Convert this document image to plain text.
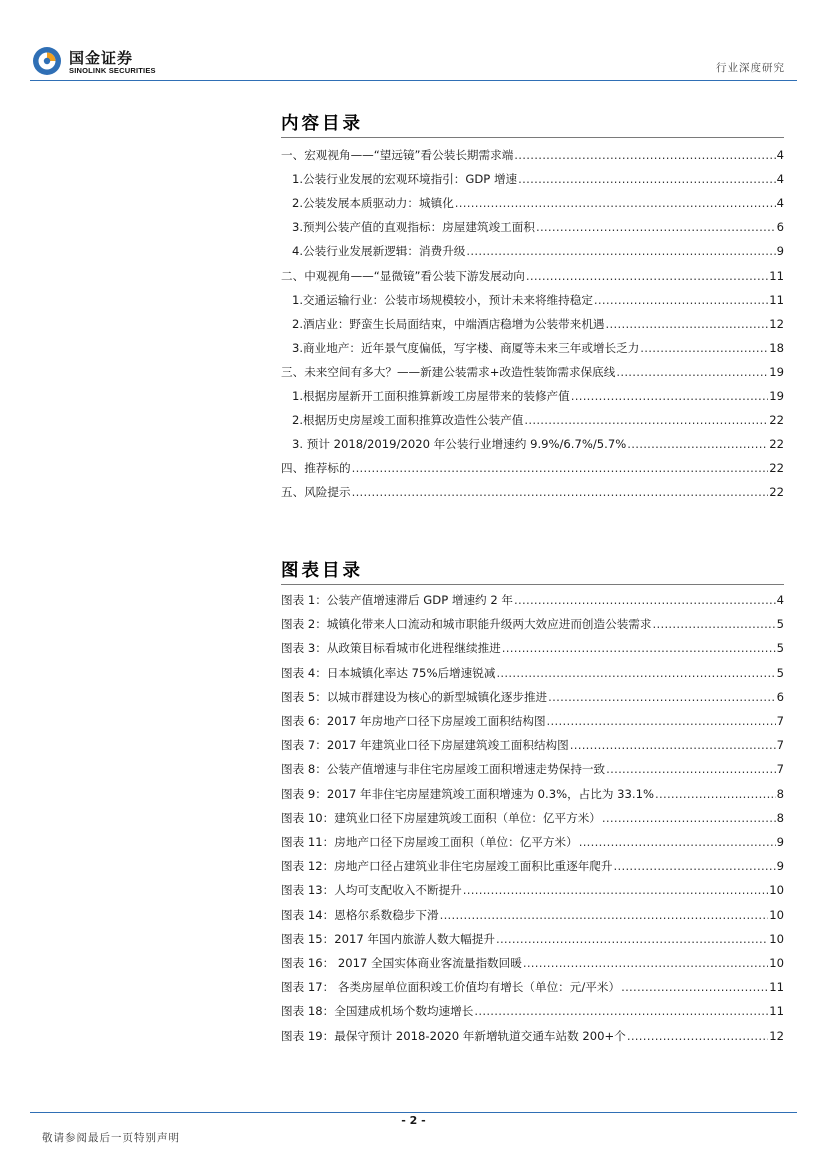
国金证券
SINOLINK SECURITIES	行业深度研究
内容目录
一、宏观视角——“望远镜”看公装长期需求端 .....	4
1.公装行业发展的宏观环境指引：GDP 增速 .....	4
2.公装发展本质驱动力：城镇化 .....	4
3.预判公装产值的直观指标：房屋建筑竣工面积 .....	6
4.公装行业发展新逻辑：消费升级 .....	9
二、中观视角——“显微镜”看公装下游发展动向 .....	11
1.交通运输行业：公装市场规模较小，预计未来将维持稳定 .....	11
2.酒店业：野蛮生长局面结束，中端酒店稳增为公装带来机遇 .....	12
3.商业地产：近年景气度偏低，写字楼、商厦等未来三年或增长乏力 .....	18
三、未来空间有多大？——新建公装需求+改造性装饰需求保底线 .....	19
1.根据房屋新开工面积推算新竣工房屋带来的装修产值 .....	19
2.根据历史房屋竣工面积推算改造性公装产值 .....	22
3. 预计 2018/2019/2020 年公装行业增速约 9.9%/6.7%/5.7% .....	22
四、推荐标的 .....	22
五、风险提示 .....	22
图表目录
图表 1：公装产值增速滞后 GDP 增速约 2 年 .....	4
图表 2：城镇化带来人口流动和城市职能升级两大效应进而创造公装需求 .....	5
图表 3：从政策目标看城市化进程继续推进 .....	5
图表 4：日本城镇化率达 75%后增速锐减 .....	5
图表 5：以城市群建设为核心的新型城镇化逐步推进 .....	6
图表 6：2017 年房地产口径下房屋竣工面积结构图 .....	7
图表 7：2017 年建筑业口径下房屋建筑竣工面积结构图 .....	7
图表 8：公装产值增速与非住宅房屋竣工面积增速走势保持一致 .....	7
图表 9：2017 年非住宅房屋建筑竣工面积增速为 0.3%，占比为 33.1% .....	8
图表 10：建筑业口径下房屋建筑竣工面积（单位：亿平方米） .....	8
图表 11：房地产口径下房屋竣工面积（单位：亿平方米） .....	9
图表 12：房地产口径占建筑业非住宅房屋竣工面积比重逐年爬升 .....	9
图表 13：人均可支配收入不断提升 .....	10
图表 14：恩格尔系数稳步下滑 .....	10
图表 15：2017 年国内旅游人数大幅提升 .....	10
图表 16： 2017 全国实体商业客流量指数回暖 .....	10
图表 17： 各类房屋单位面积竣工价值均有增长（单位：元/平米） .....	11
图表 18：全国建成机场个数均速增长 .....	11
图表 19：最保守预计 2018-2020 年新增轨道交通车站数 200+个 .....	12
- 2 -
敬请参阅最后一页特别声明
